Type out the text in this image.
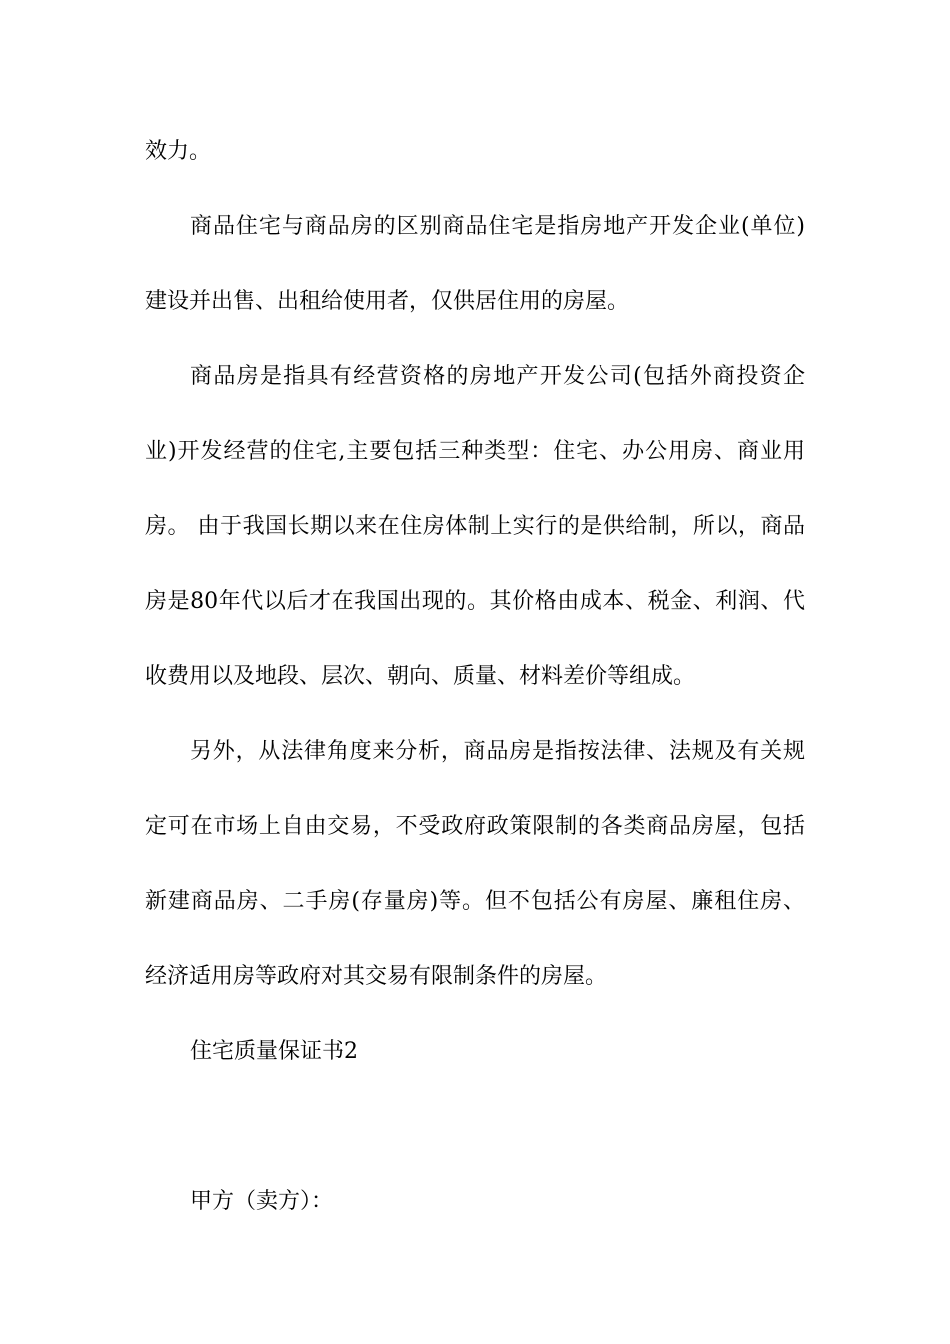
效力。
商品住宅与商品房的区别商品住宅是指房地产开发企业(单位)
建设并出售、出租给使用者，仅供居住用的房屋。
商品房是指具有经营资格的房地产开发公司(包括外商投资企
业)开发经营的住宅,主要包括三种类型：住宅、办公用房、商业用
房。 由于我国长期以来在住房体制上实行的是供给制，所以，商品
房是80年代以后才在我国出现的。其价格由成本、税金、利润、代
收费用以及地段、层次、朝向、质量、材料差价等组成。
另外，从法律角度来分析，商品房是指按法律、法规及有关规
定可在市场上自由交易，不受政府政策限制的各类商品房屋，包括
新建商品房、二手房(存量房)等。但不包括公有房屋、廉租住房、
经济适用房等政府对其交易有限制条件的房屋。
住宅质量保证书2
甲方（卖方）：
